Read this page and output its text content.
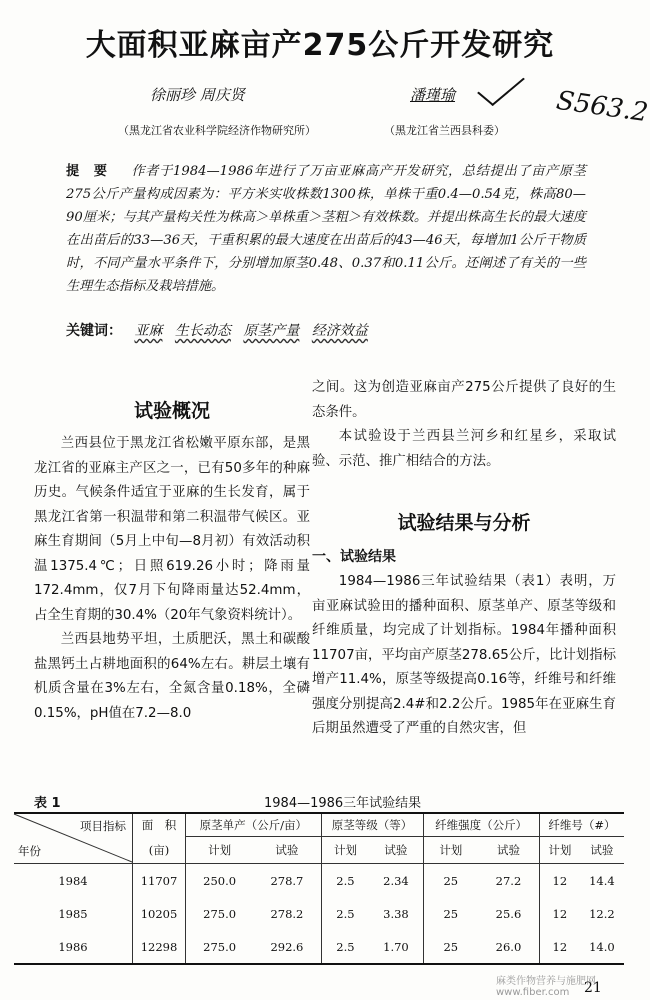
大面积亚麻亩产275公斤开发研究
徐丽珍 周庆贤
（黑龙江省农业科学院经济作物研究所）
潘瑾瑜
（黑龙江省兰西县科委）
S563.2
提　要 作者于1984—1986年进行了万亩亚麻高产开发研究，总结提出了亩产原茎275公斤产量构成因素为：平方米实收株数1300株，单株干重0.4—0.54克，株高80—90厘米；与其产量构关性为株高＞单株重＞茎粗＞有效株数。并提出株高生长的最大速度在出苗后的33—36天，干重积累的最大速度在出苗后的43—46天，每增加1公斤干物质时，不同产量水平条件下，分别增加原茎0.48、0.37和0.11公斤。还阐述了有关的一些生理生态指标及栽培措施。
关键词： 亚麻 生长动态 原茎产量 经济效益
试验概况

兰西县位于黑龙江省松嫩平原东部，是黑龙江省的亚麻主产区之一，已有50多年的种麻历史。气候条件适宜于亚麻的生长发育，属于黑龙江省第一积温带和第二积温带气候区。亚麻生育期间（5月上中旬—8月初）有效活动积温1375.4℃；日照619.26小时；降雨量172.4mm，仅7月下旬降雨量达52.4mm，占全生育期的30.4%（20年气象资料统计）。

兰西县地势平坦，土质肥沃，黑土和碳酸盐黑钙土占耕地面积的64%左右。耕层土壤有机质含量在3%左右，全氮含量0.18%，全磷0.15%，pH值在7.2—8.0

之间。这为创造亚麻亩产275公斤提供了良好的生态条件。

本试验设于兰西县兰河乡和红星乡，采取试验、示范、推广相结合的方法。

试验结果与分析
一、试验结果

1984—1986三年试验结果（表1）表明，万亩亚麻试验田的播种面积、原茎单产、原茎等级和纤维质量，均完成了计划指标。1984年播种面积11707亩，平均亩产原茎278.65公斤，比计划指标增产11.4%，原茎等级提高0.16等，纤维号和纤维强度分别提高2.4#和2.2公斤。1985年在亚麻生育后期虽然遭受了严重的自然灾害，但

表 1	1984—1986三年试验结果
项目指标
年份	面　积	原茎单产（公斤/亩）		原茎等级（等）		纤维强度（公斤）		纤维号（#）	
	(亩)	计划	试验	计划	试验	计划	试验	计划	试验
1984	11707	250.0	278.7	2.5	2.34	25	27.2	12	14.4
1985	10205	275.0	278.2	2.5	3.38	25	25.6	12	12.2
1986	12298	275.0	292.6	2.5	1.70	25	26.0	12	14.0
麻类作物营养与施肥网 www.fiber.com	21
